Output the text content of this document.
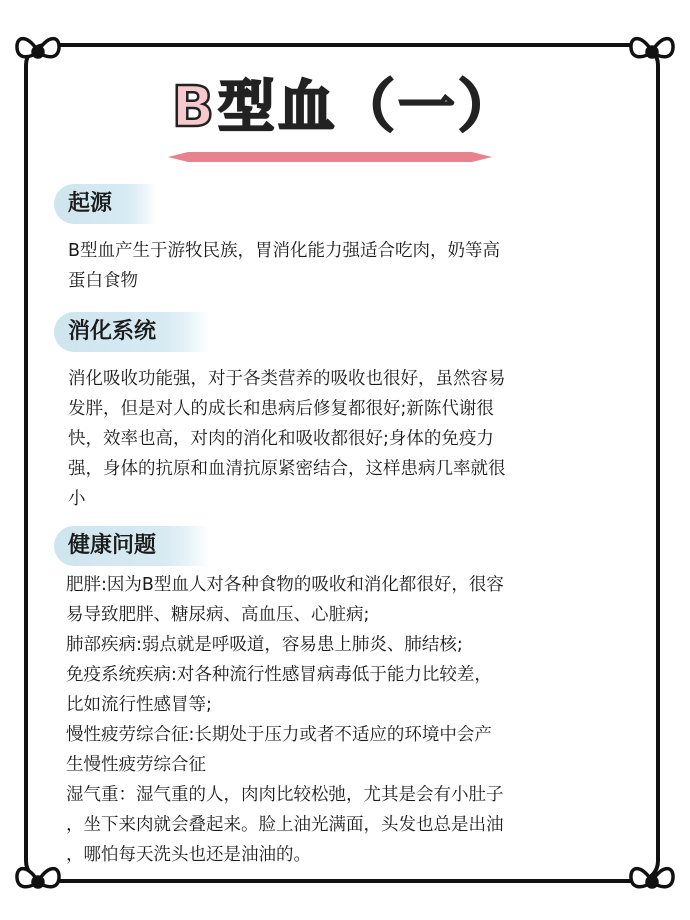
B型血（一）
起源

B型血产生于游牧民族，胃消化能力强适合吃肉，奶等高
蛋白食物

消化系统

消化吸收功能强，对于各类营养的吸收也很好，虽然容易
发胖，但是对人的成长和患病后修复都很好;新陈代谢很
快，效率也高，对肉的消化和吸收都很好;身体的免疫力
强，身体的抗原和血清抗原紧密结合，这样患病几率就很
小

健康问题

肥胖:因为B型血人对各种食物的吸收和消化都很好，很容
易导致肥胖、糖尿病、高血压、心脏病;
肺部疾病:弱点就是呼吸道，容易患上肺炎、肺结核;
免疫系统疾病:对各种流行性感冒病毒低于能力比较差，
比如流行性感冒等;
慢性疲劳综合征:长期处于压力或者不适应的环境中会产
生慢性疲劳综合征
湿气重：湿气重的人，肉肉比较松弛，尤其是会有小肚子
，坐下来肉就会叠起来。脸上油光满面，头发也总是出油
，哪怕每天洗头也还是油油的。
